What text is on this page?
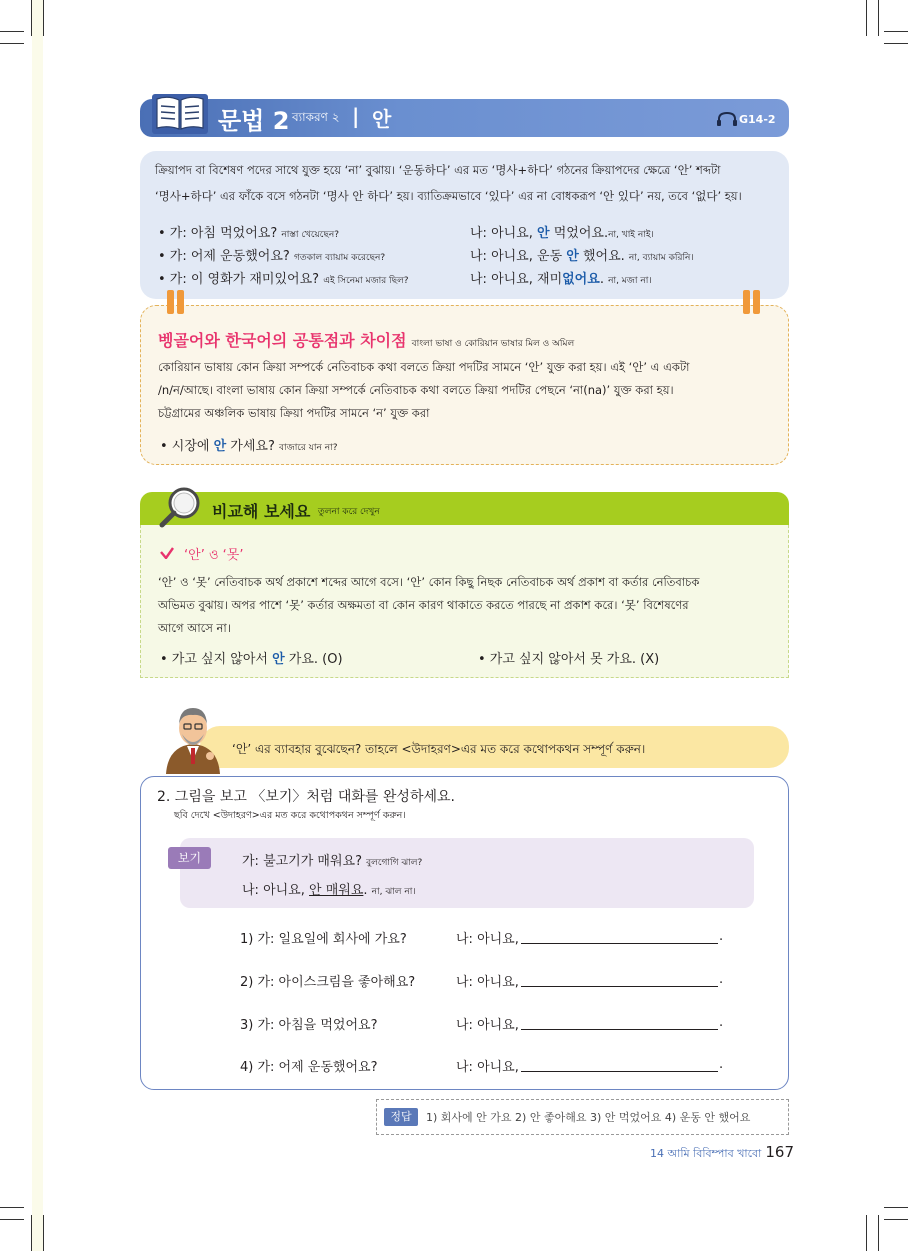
문법 2 ব্যাকরণ ২ | 안	G14-2
ক্রিয়াপদ বা বিশেষণ পদের সাথে যুক্ত হয়ে ‘না’ বুঝায়। ‘운동하다’ এর মত ‘명사+하다’ গঠনের ক্রিয়াপদের ক্ষেত্রে ‘안’ শব্দটা
‘명사+하다’ এর ফাঁকে বসে গঠনটা ‘명사 안 하다’ হয়। ব্যাতিক্রমভাবে ‘있다’ এর না বোধকরূপ ‘안 있다’ নয়, তবে ‘없다’ হয়।
• 가: 아침 먹었어요? নাস্তা খেয়েছেন?	나: 아니요, 안 먹었어요.না, খাই নাই।
• 가: 어제 운동했어요? গতকাল ব্যায়াম করেছেন?	나: 아니요, 운동 안 했어요. না, ব্যায়াম করিনি।
• 가: 이 영화가 재미있어요? এই সিনেমা মজার ছিল?	나: 아니요, 재미없어요. না, মজা না।
벵골어와 한국어의 공통점과 차이점 বাংলা ভাষা ও কোরিয়ান ভাষার মিল ও অমিল
কোরিয়ান ভাষায় কোন ক্রিয়া সম্পর্কে নেতিবাচক কথা বলতে ক্রিয়া পদটির সামনে ‘안’ যুক্ত করা হয়। এই ‘안’ এ একটা
/n/ন/আছে। বাংলা ভাষায় কোন ক্রিয়া সম্পর্কে নেতিবাচক কথা বলতে ক্রিয়া পদটির পেছনে ‘না(na)’ যুক্ত করা হয়।
চট্টগ্রামের অঞ্চলিক ভাষায় ক্রিয়া পদটির সামনে ‘ন’ যুক্ত করা
• 시장에 안 가세요? বাজারে যান না?
비교해 보세요 তুলনা করে দেখুন
‘안’ ও ‘못’
‘안’ ও ‘못’ নেতিবাচক অর্থ প্রকাশে শব্দের আগে বসে। ‘안’ কোন কিছু নিছক নেতিবাচক অর্থ প্রকাশ বা কর্তার নেতিবাচক
অভিমত বুঝায়। অপর পাশে ‘못’ কর্তার অক্ষমতা বা কোন কারণ থাকাতে করতে পারছে না প্রকাশ করে। ‘못’ বিশেষণের
আগে আসে না।
• 가고 싶지 않아서 안 가요. (O)	• 가고 싶지 않아서 못 가요. (X)
‘안’ এর ব্যাবহার বুঝেছেন? তাহলে <উদাহরণ>এর মত করে কথোপকথন সম্পূর্ণ করুন।
2. 그림을 보고 〈보기〉처럼 대화를 완성하세요.
ছবি দেখে <উদাহরণ>এর মত করে কথোপকথন সম্পূর্ণ করুন।
보기	가: 불고기가 매워요? বুলগোগি ঝাল?
나: 아니요, 안 매워요. না, ঝাল না।
1) 가: 일요일에 회사에 가요?	나: 아니요,	.
2) 가: 아이스크림을 좋아해요?	나: 아니요,	.
3) 가: 아침을 먹었어요?	나: 아니요,	.
4) 가: 어제 운동했어요?	나: 아니요,	.
정답	1) 회사에 안 가요 2) 안 좋아해요 3) 안 먹었어요 4) 운동 안 했어요
14 আমি বিবিম্পাব খাবো 167
